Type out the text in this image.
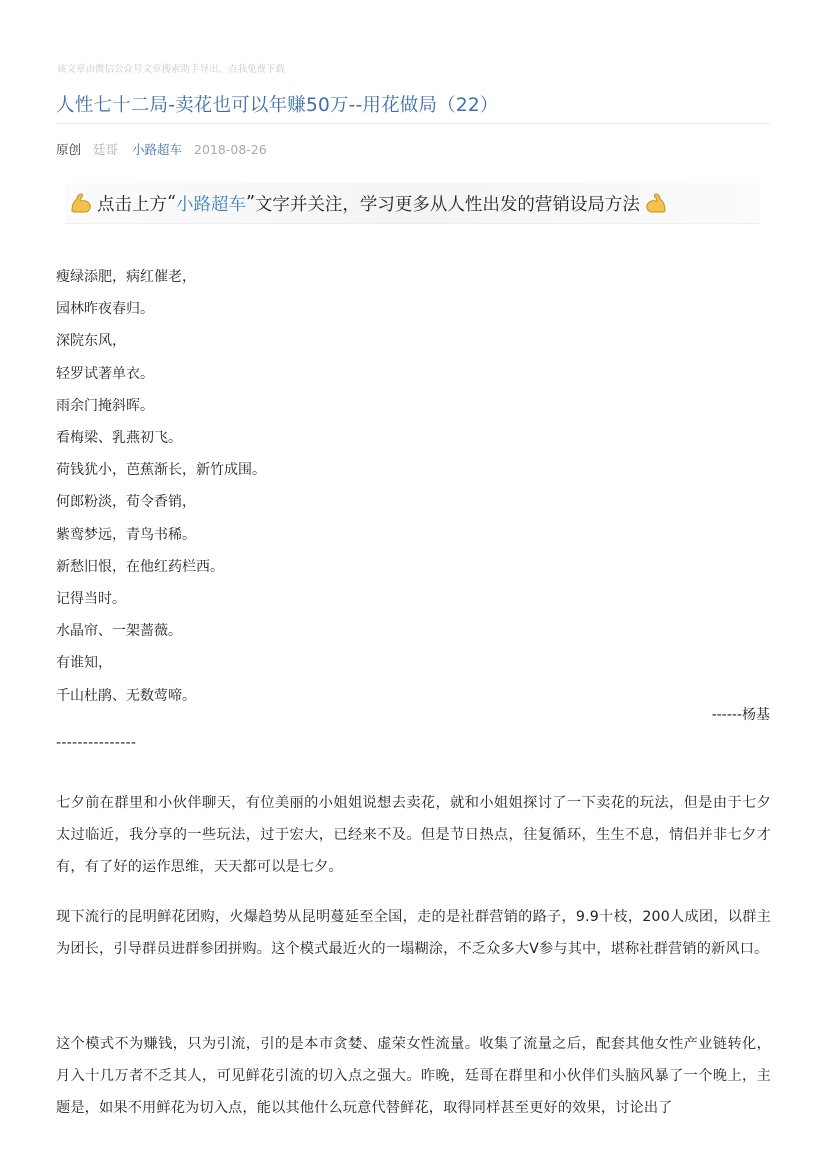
该文章由微信公众号文章搜索助手导出，点我免费下载
人性七十二局-卖花也可以年赚50万--用花做局（22）
原创 廷哥 小路超车 2018-08-26
点击上方 “ 小路超车 ” 文字并关注，学习更多从人性出发的营销设局方法
瘦绿添肥，病红催老，
园林昨夜春归。
深院东风，
轻罗试著单衣。
雨余门掩斜晖。
看梅梁、乳燕初飞。
荷钱犹小，芭蕉渐长，新竹成围。
何郎粉淡，荀令香销，
紫鸾梦远，青鸟书稀。
新愁旧恨，在他红药栏西。
记得当时。
水晶帘、一架蔷薇。
有谁知，
千山杜鹃、无数莺啼。
------杨基
---------------

七夕前在群里和小伙伴聊天，有位美丽的小姐姐说想去卖花，就和小姐姐探讨了一下卖花的玩法，但是由于七夕太过临近，我分享的一些玩法，过于宏大，已经来不及。但是节日热点，往复循环，生生不息，情侣并非七夕才有，有了好的运作思维，天天都可以是七夕。

现下流行的昆明鲜花团购，火爆趋势从昆明蔓延至全国，走的是社群营销的路子，9.9十枝，200人成团，以群主为团长，引导群员进群参团拼购。这个模式最近火的一塌糊涂，不乏众多大V参与其中，堪称社群营销的新风口。

这个模式不为赚钱，只为引流，引的是本市贪婪、虚荣女性流量。收集了流量之后，配套其他女性产业链转化，月入十几万者不乏其人，可见鲜花引流的切入点之强大。昨晚，廷哥在群里和小伙伴们头脑风暴了一个晚上，主题是，如果不用鲜花为切入点，能以其他什么玩意代替鲜花，取得同样甚至更好的效果，讨论出了
